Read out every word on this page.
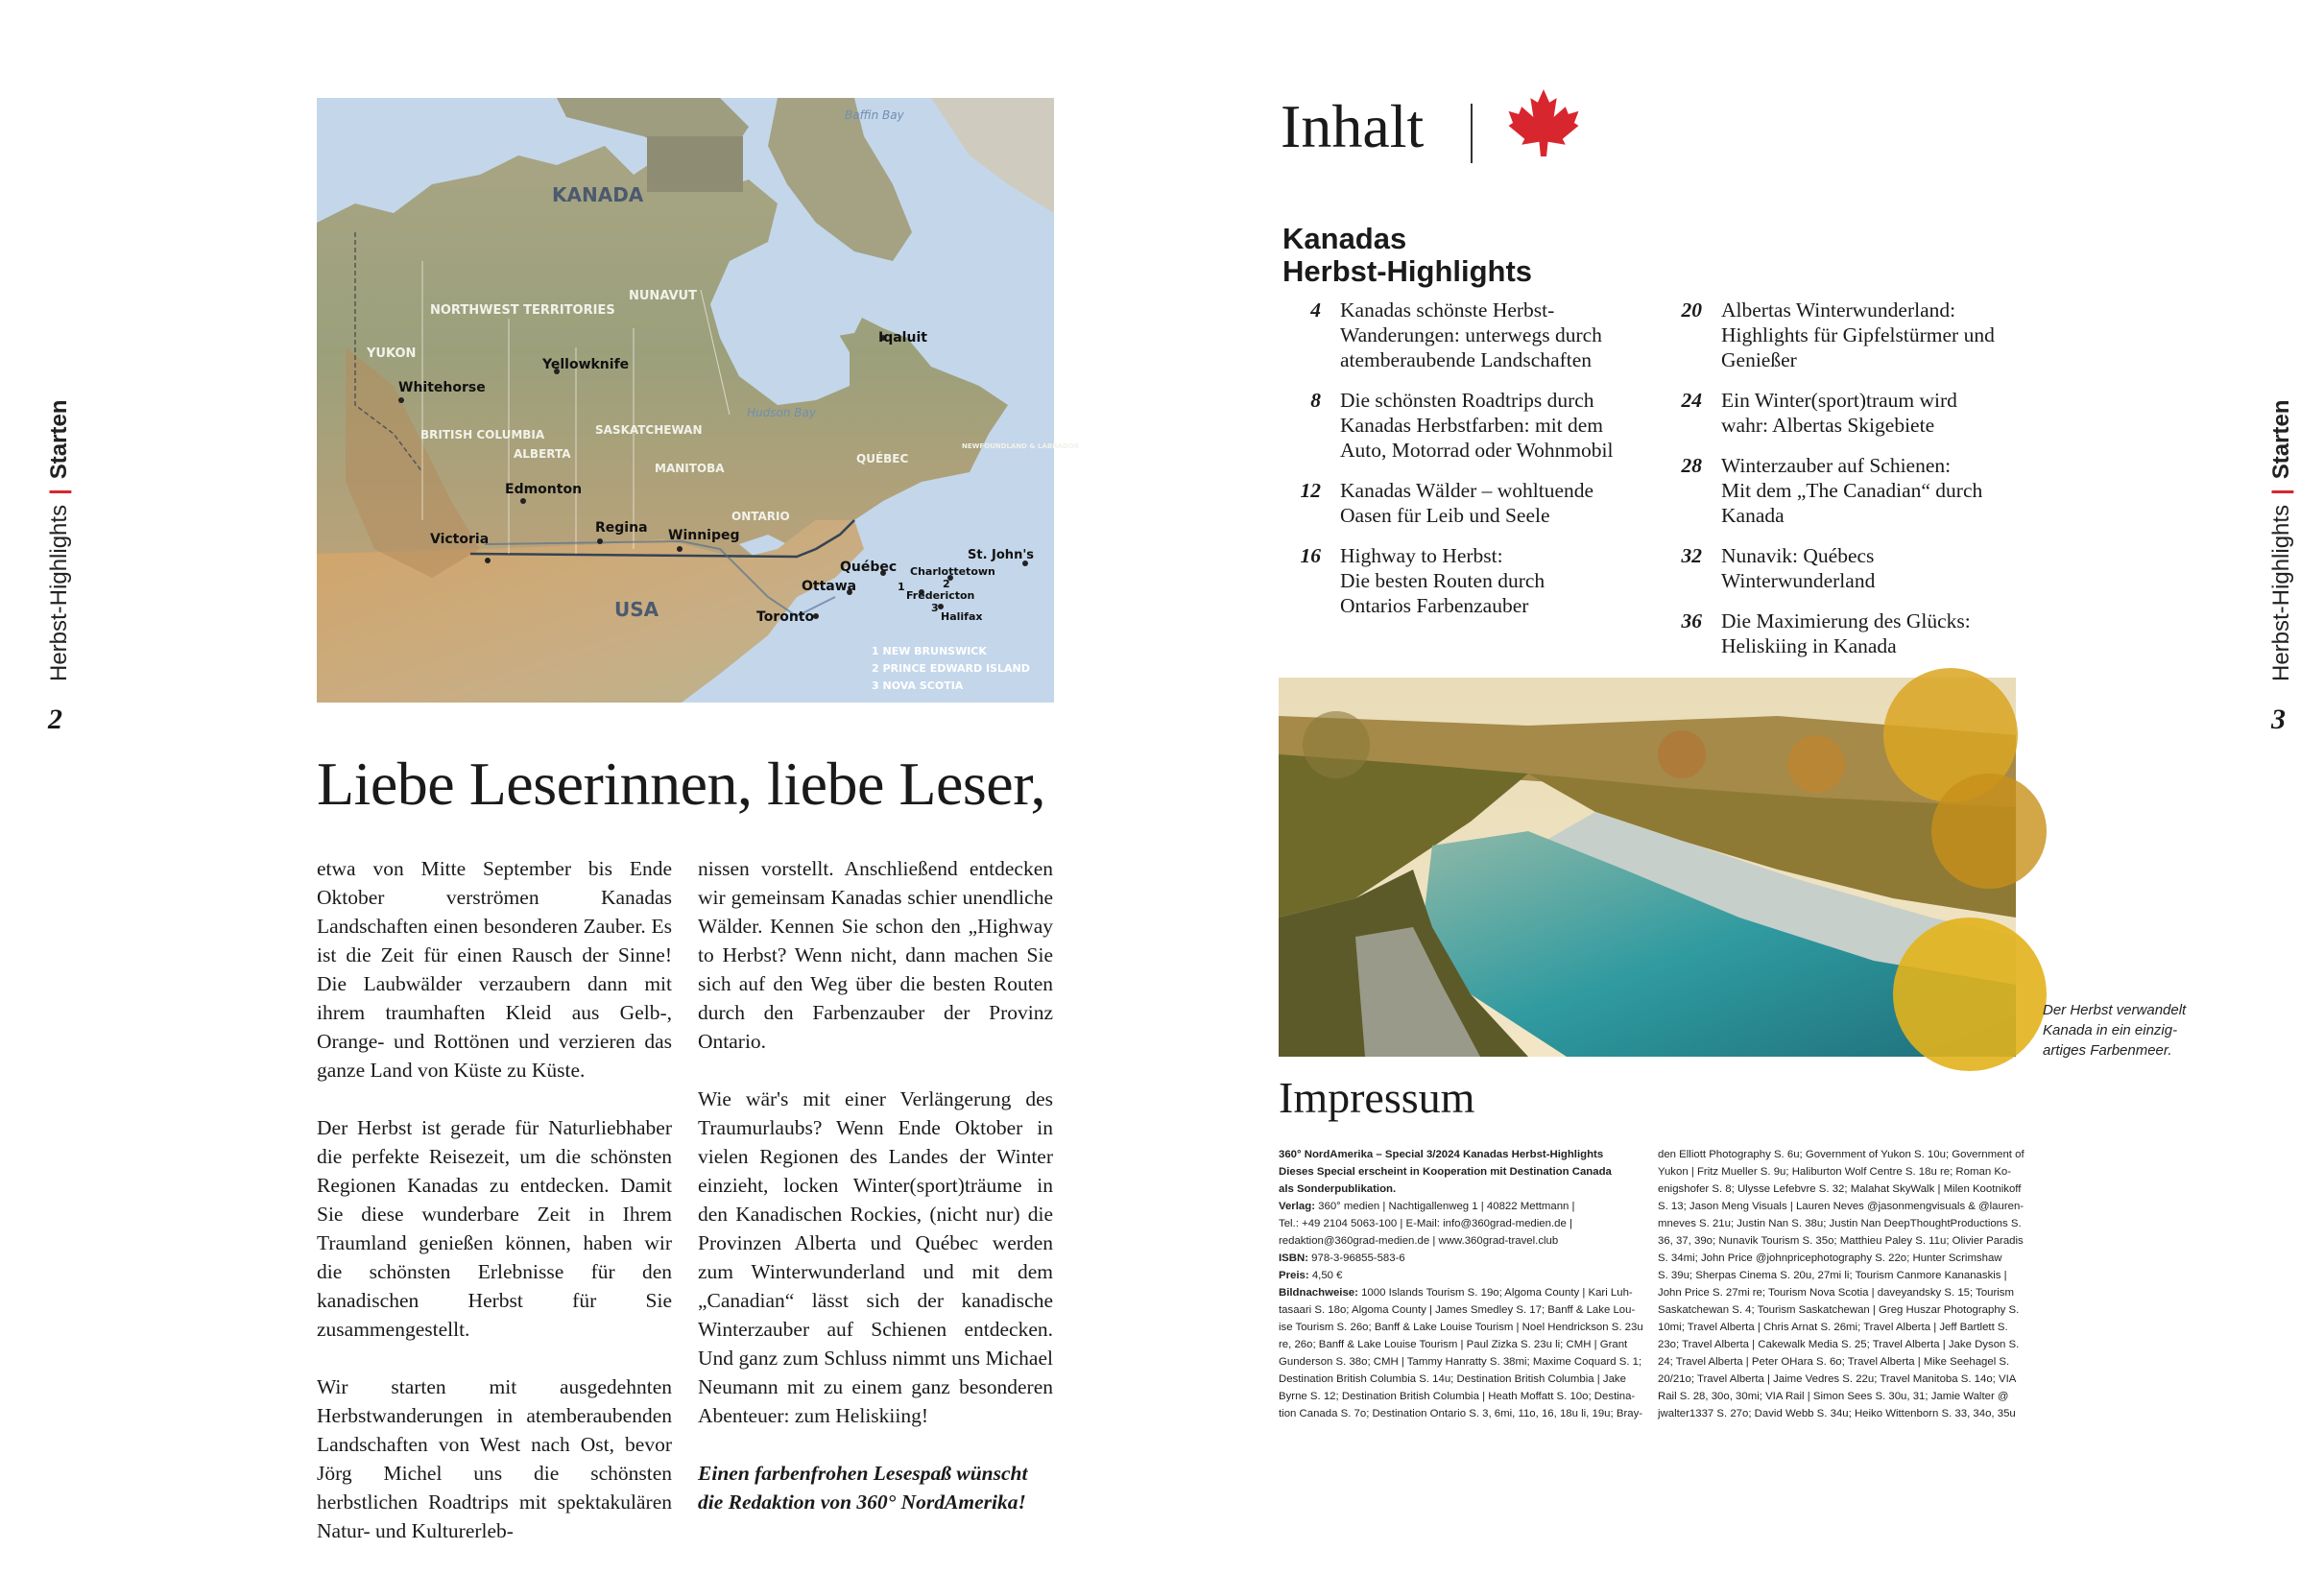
Herbst-Highlights|Starten
2
Baffin Bay
KANADA
NORTHWEST TERRITORIES
NUNAVUT
YUKON
BRITISH COLUMBIA
ALBERTA
SASKATCHEWAN
MANITOBA
ONTARIO
QUÉBEC
NEWFOUNDLAND & LABRADOR
Hudson Bay
USA
Iqaluit
Yellowknife
Whitehorse
Edmonton
Regina Winnipeg
Victoria
Ottawa
Québec
Toronto
St. John's
Charlottetown
Fredericton
Halifax
1	2
3
1 NEW BRUNSWICK
2 PRINCE EDWARD ISLAND
3 NOVA SCOTIA
Liebe Leserinnen, liebe Leser,

etwa von Mitte September bis Ende Oktober verströmen Kanadas Landschaften einen besonderen Zauber. Es ist die Zeit für einen Rausch der Sinne! Die Laubwälder verzaubern dann mit ihrem traumhaften Kleid aus Gelb-, Orange- und Rottönen und verzieren das ganze Land von Küste zu Küste.

Der Herbst ist gerade für Naturliebhaber die perfekte Reisezeit, um die schönsten Regionen Kanadas zu entdecken. Damit Sie diese wunderbare Zeit in Ihrem Traumland genießen können, haben wir die schönsten Erlebnisse für den kanadischen Herbst für Sie zusammengestellt.

Wir starten mit ausgedehnten Herbstwanderungen in atemberaubenden Landschaften von West nach Ost, bevor Jörg Michel uns die schönsten herbstlichen Roadtrips mit spektakulären Natur- und Kulturerleb-

nissen vorstellt. Anschließend entdecken wir gemeinsam Kanadas schier unendliche Wälder. Kennen Sie schon den „Highway to Herbst? Wenn nicht, dann machen Sie sich auf den Weg über die besten Routen durch den Farbenzauber der Provinz Ontario.

Wie wär's mit einer Verlängerung des Traumurlaubs? Wenn Ende Oktober in vielen Regionen des Landes der Winter einzieht, locken Winter(sport)träume in den Kanadischen Rockies, (nicht nur) die Provinzen Alberta und Québec werden zum Winterwunderland und mit dem „Canadian“ lässt sich der kanadische Winterzauber auf Schienen entdecken. Und ganz zum Schluss nimmt uns Michael Neumann mit zu einem ganz besonderen Abenteuer: zum Heliskiing!

Einen farbenfrohen Lesespaß wünscht die Redaktion von 360° NordAmerika!

Herbst-Highlights|Starten
3
Inhalt
Kanadas
Herbst-Highlights
4 Kanadas schönste Herbst-
Wanderungen: unterwegs durch
atemberaubende Landschaften
8 Die schönsten Roadtrips durch
Kanadas Herbstfarben: mit dem
Auto, Motorrad oder Wohnmobil
12 Kanadas Wälder – wohltuende
Oasen für Leib und Seele
16 Highway to Herbst:
Die besten Routen durch
Ontarios Farbenzauber
20 Albertas Winterwunderland:
Highlights für Gipfelstürmer und
Genießer
24 Ein Winter(sport)traum wird
wahr: Albertas Skigebiete
28 Winterzauber auf Schienen:
Mit dem „The Canadian“ durch
Kanada
32 Nunavik: Québecs
Winterwunderland
36 Die Maximierung des Glücks:
Heliskiing in Kanada
Der Herbst verwandelt
Kanada in ein einzig-
artiges Farbenmeer.
Impressum
360° NordAmerika – Special 3/2024 Kanadas Herbst-Highlights
Dieses Special erscheint in Kooperation mit Destination Canada
als Sonderpublikation.
Verlag: 360° medien | Nachtigallenweg 1 | 40822 Mettmann |
Tel.: +49 2104 5063-100 | E-Mail: info@360grad-medien.de |
redaktion@360grad-medien.de | www.360grad-travel.club
ISBN: 978-3-96855-583-6
Preis: 4,50 €
Bildnachweise: 1000 Islands Tourism S. 19o; Algoma County | Kari Luh-
tasaari S. 18o; Algoma County | James Smedley S. 17; Banff & Lake Lou-
ise Tourism S. 26o; Banff & Lake Louise Tourism | Noel Hendrickson S. 23u
re, 26o; Banff & Lake Louise Tourism | Paul Zizka S. 23u li; CMH | Grant
Gunderson S. 38o; CMH | Tammy Hanratty S. 38mi; Maxime Coquard S. 1;
Destination British Columbia S. 14u; Destination British Columbia | Jake
Byrne S. 12; Destination British Columbia | Heath Moffatt S. 10o; Destina-
tion Canada S. 7o; Destination Ontario S. 3, 6mi, 11o, 16, 18u li, 19u; Bray-
den Elliott Photography S. 6u; Government of Yukon S. 10u; Government of
Yukon | Fritz Mueller S. 9u; Haliburton Wolf Centre S. 18u re; Roman Ko-
enigshofer S. 8; Ulysse Lefebvre S. 32; Malahat SkyWalk | Milen Kootnikoff
S. 13; Jason Meng Visuals | Lauren Neves @jasonmengvisuals & @lauren-
mneves S. 21u; Justin Nan S. 38u; Justin Nan DeepThoughtProductions S.
36, 37, 39o; Nunavik Tourism S. 35o; Matthieu Paley S. 11u; Olivier Paradis
S. 34mi; John Price @johnpricephotography S. 22o; Hunter Scrimshaw
S. 39u; Sherpas Cinema S. 20u, 27mi li; Tourism Canmore Kananaskis |
John Price S. 27mi re; Tourism Nova Scotia | daveyandsky S. 15; Tourism
Saskatchewan S. 4; Tourism Saskatchewan | Greg Huszar Photography S.
10mi; Travel Alberta | Chris Arnat S. 26mi; Travel Alberta | Jeff Bartlett S.
23o; Travel Alberta | Cakewalk Media S. 25; Travel Alberta | Jake Dyson S.
24; Travel Alberta | Peter OHara S. 6o; Travel Alberta | Mike Seehagel S.
20/21o; Travel Alberta | Jaime Vedres S. 22u; Travel Manitoba S. 14o; VIA
Rail S. 28, 30o, 30mi; VIA Rail | Simon Sees S. 30u, 31; Jamie Walter @
jwalter1337 S. 27o; David Webb S. 34u; Heiko Wittenborn S. 33, 34o, 35u
